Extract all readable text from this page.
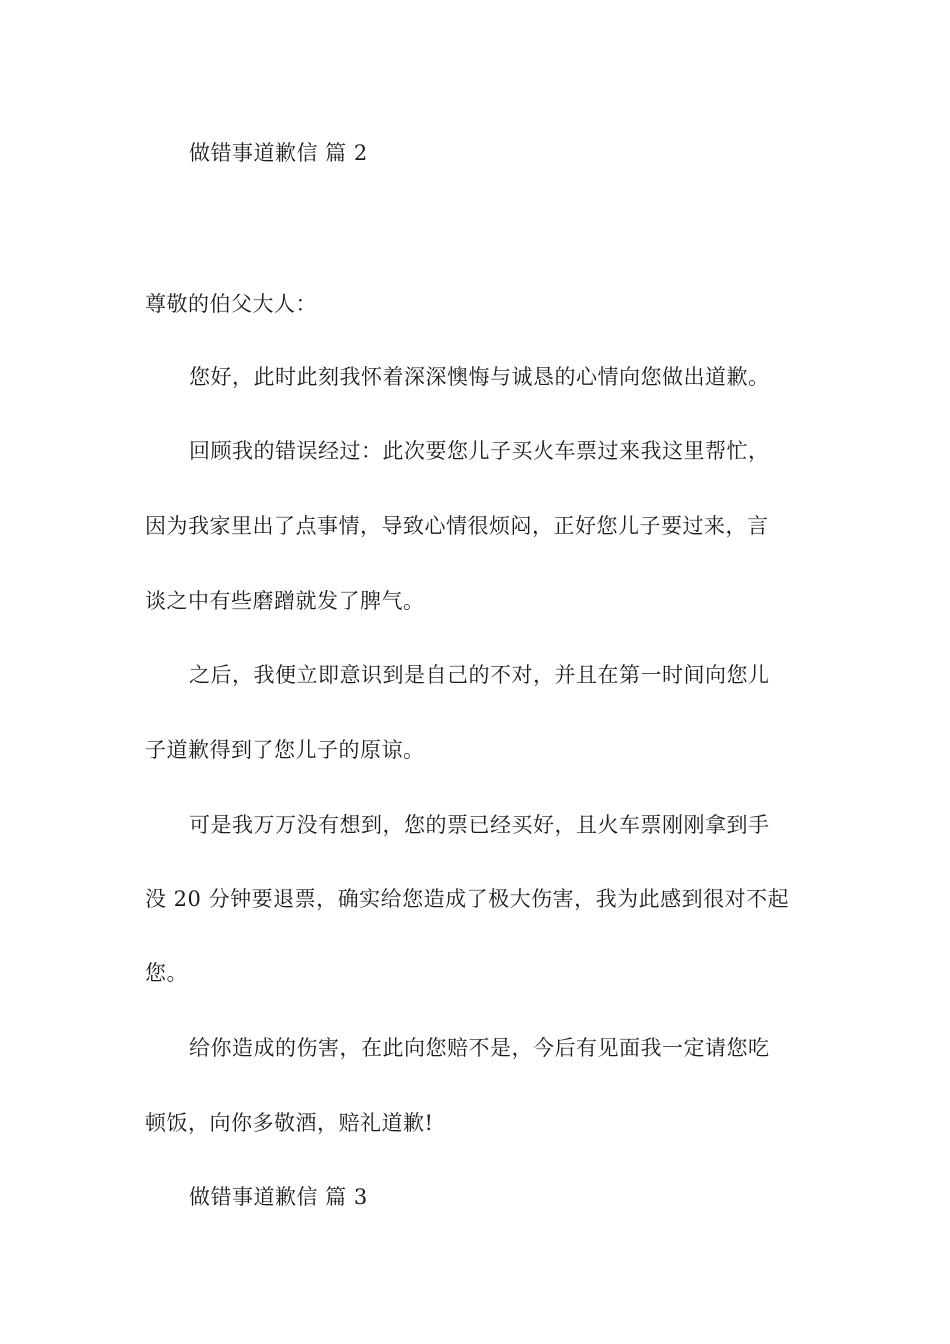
做错事道歉信 篇 2
尊敬的伯父大人：
您好，此时此刻我怀着深深懊悔与诚恳的心情向您做出道歉。
回顾我的错误经过：此次要您儿子买火车票过来我这里帮忙，
因为我家里出了点事情，导致心情很烦闷，正好您儿子要过来，言
谈之中有些磨蹭就发了脾气。
之后，我便立即意识到是自己的不对，并且在第一时间向您儿
子道歉得到了您儿子的原谅。
可是我万万没有想到，您的票已经买好，且火车票刚刚拿到手
没 20 分钟要退票，确实给您造成了极大伤害，我为此感到很对不起
您。
给你造成的伤害，在此向您赔不是，今后有见面我一定请您吃
顿饭，向你多敬酒，赔礼道歉!
做错事道歉信 篇 3
